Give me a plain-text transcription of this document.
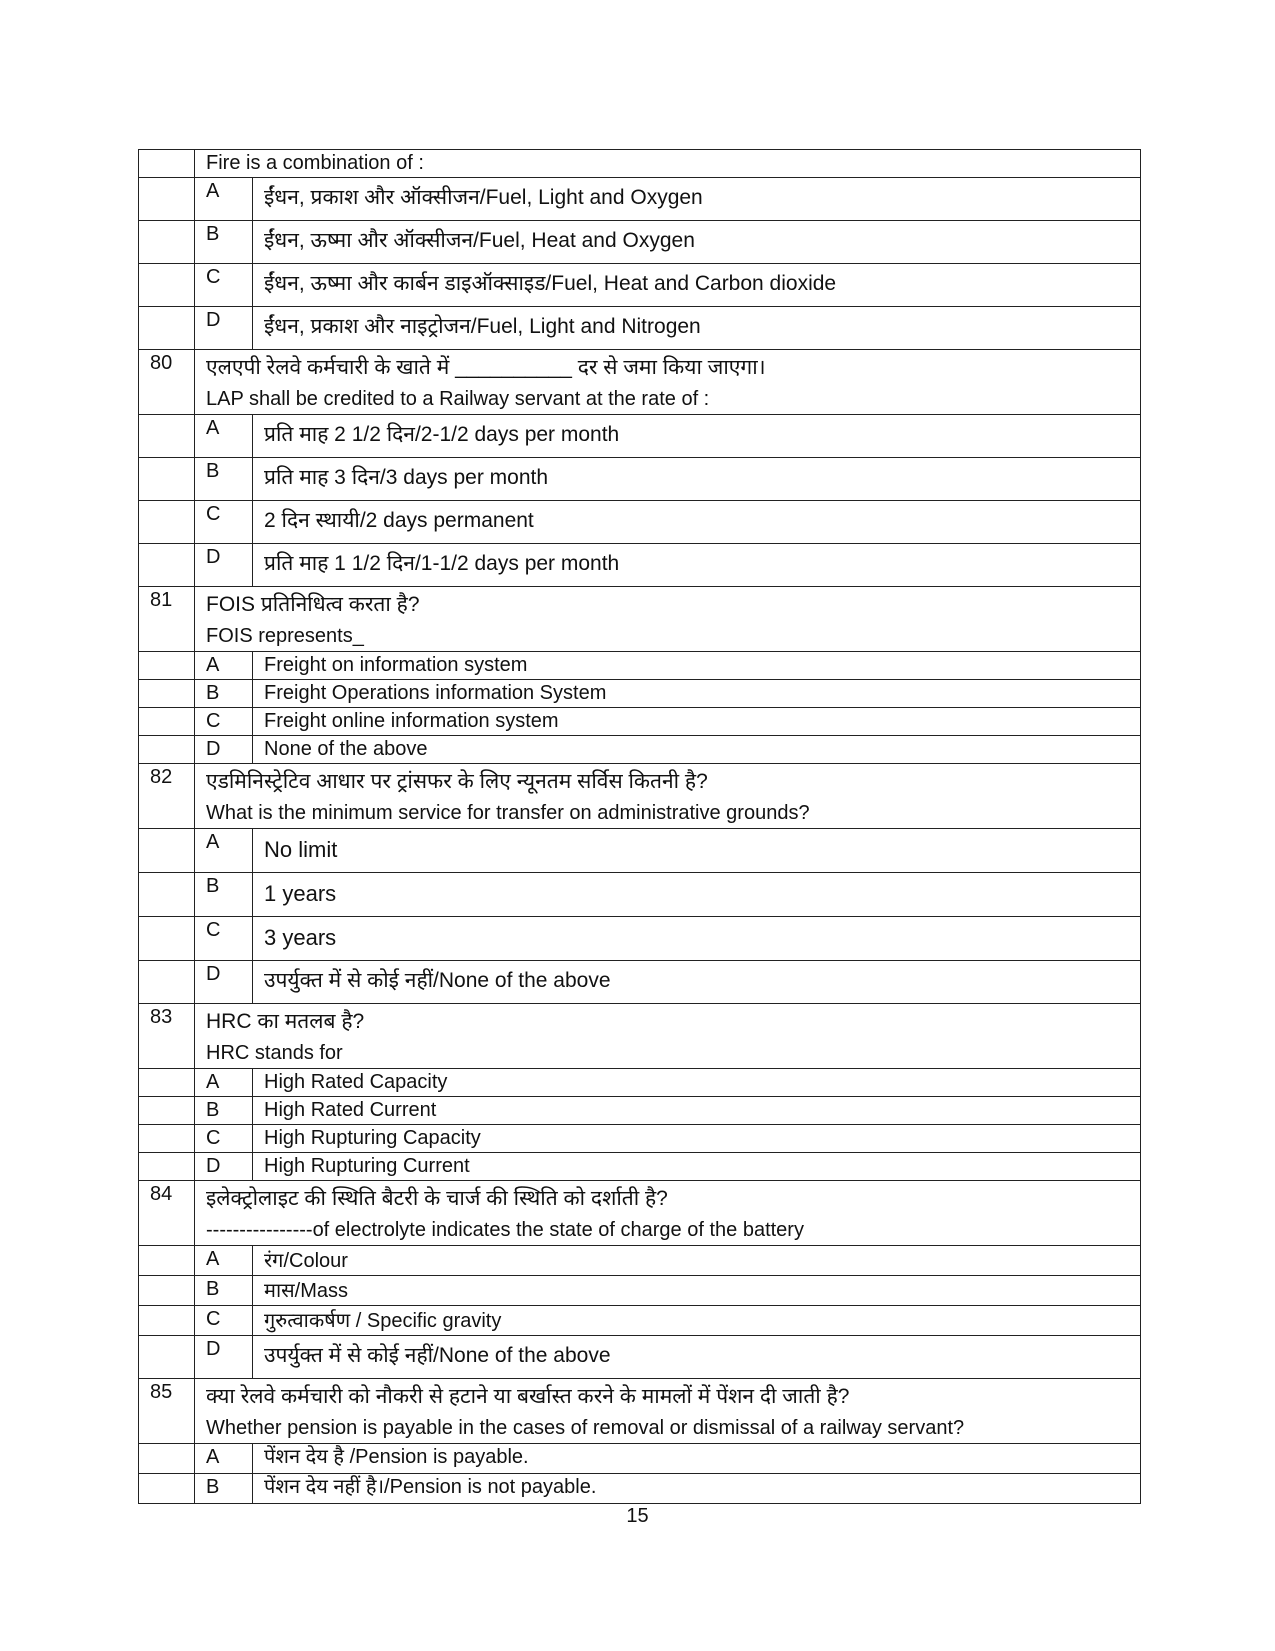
	Fire is a combination of :	

	A	ईंधन, प्रकाश और ऑक्सीजन/Fuel, Light and Oxygen
	B	ईंधन, ऊष्मा और ऑक्सीजन/Fuel, Heat and Oxygen
	C	ईंधन, ऊष्मा और कार्बन डाइऑक्साइड/Fuel, Heat and Carbon dioxide
	D	ईंधन, प्रकाश और नाइट्रोजन/Fuel, Light and Nitrogen
80	एलएपी रेलवे कर्मचारी के खाते में __________ दर से जमा किया जाएगा।
LAP shall be credited to a Railway servant at the rate of :	

	A	प्रति माह 2 1/2 दिन/2-1/2 days per month
	B	प्रति माह 3 दिन/3 days per month
	C	2 दिन स्थायी/2 days permanent
	D	प्रति माह 1 1/2 दिन/1-1/2 days per month
81	FOIS प्रतिनिधित्व करता है?
FOIS represents_	

	A	Freight on information system
	B	Freight Operations information System
	C	Freight online information system
	D	None of the above
82	एडमिनिस्ट्रेटिव आधार पर ट्रांसफर के लिए न्यूनतम सर्विस कितनी है?
What is the minimum service for transfer on administrative grounds?	

	A	No limit
	B	1 years
	C	3 years
	D	उपर्युक्त में से कोई नहीं/None of the above
83	HRC का मतलब है?
HRC stands for	

	A	High Rated Capacity
	B	High Rated Current
	C	High Rupturing Capacity
	D	High Rupturing Current
84	इलेक्ट्रोलाइट की स्थिति बैटरी के चार्ज की स्थिति को दर्शाती है?
----------------of electrolyte indicates the state of charge of the battery	

	A	रंग/Colour
	B	मास/Mass
	C	गुरुत्वाकर्षण / Specific gravity
	D	उपर्युक्त में से कोई नहीं/None of the above
85	क्या रेलवे कर्मचारी को नौकरी से हटाने या बर्खास्त करने के मामलों में पेंशन दी जाती है?
Whether pension is payable in the cases of removal or dismissal of a railway servant?	

	A	पेंशन देय है /Pension is payable.
	B	पेंशन देय नहीं है।/Pension is not payable.
15
